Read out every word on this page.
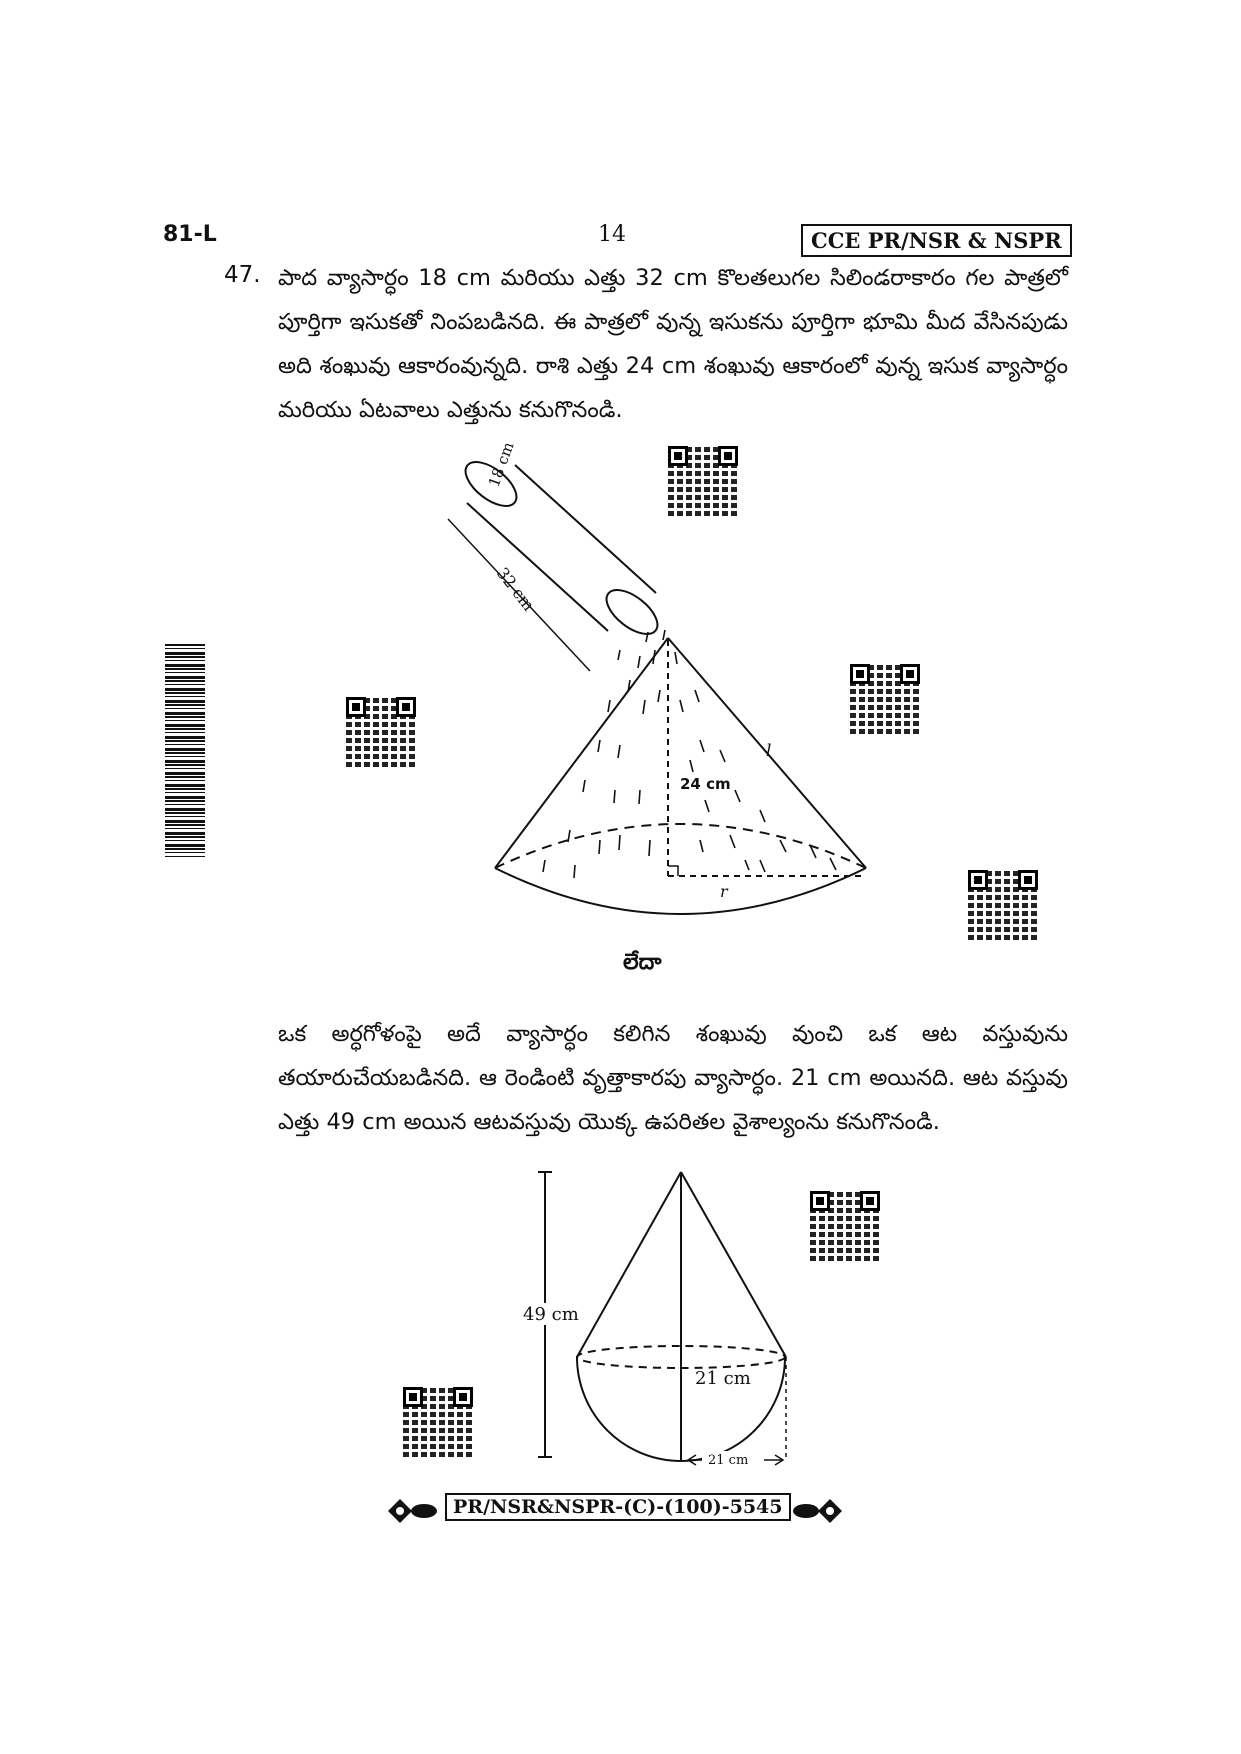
81-L	14	CCE PR/NSR & NSPR
47. పాద వ్యాసార్ధం 18 cm మరియు ఎత్తు 32 cm కొలతలుగల సిలిండరాకారం గల పాత్రలో పూర్తిగా ఇసుకతో నింపబడినది. ఈ పాత్రలో వున్న ఇసుకను పూర్తిగా భూమి మీద వేసినపుడు అది శంఖువు ఆకారంవున్నది. రాశి ఎత్తు 24 cm శంఖువు ఆకారంలో వున్న ఇసుక వ్యాసార్ధం మరియు ఏటవాలు ఎత్తును కనుగొనండి.
18 cm
32 cm
24 cm
l
r
49 cm
21 cm
21 cm
లేదా
ఒక అర్ధగోళంపై అదే వ్యాసార్ధం కలిగిన శంఖువు వుంచి ఒక ఆట వస్తువును తయారుచేయబడినది. ఆ రెండింటి వృత్తాకారపు వ్యాసార్ధం. 21 cm అయినది. ఆట వస్తువు ఎత్తు 49 cm అయిన ఆటవస్తువు యొక్క ఉపరితల వైశాల్యంను కనుగొనండి.
PR/NSR&NSPR-(C)-(100)-5545
